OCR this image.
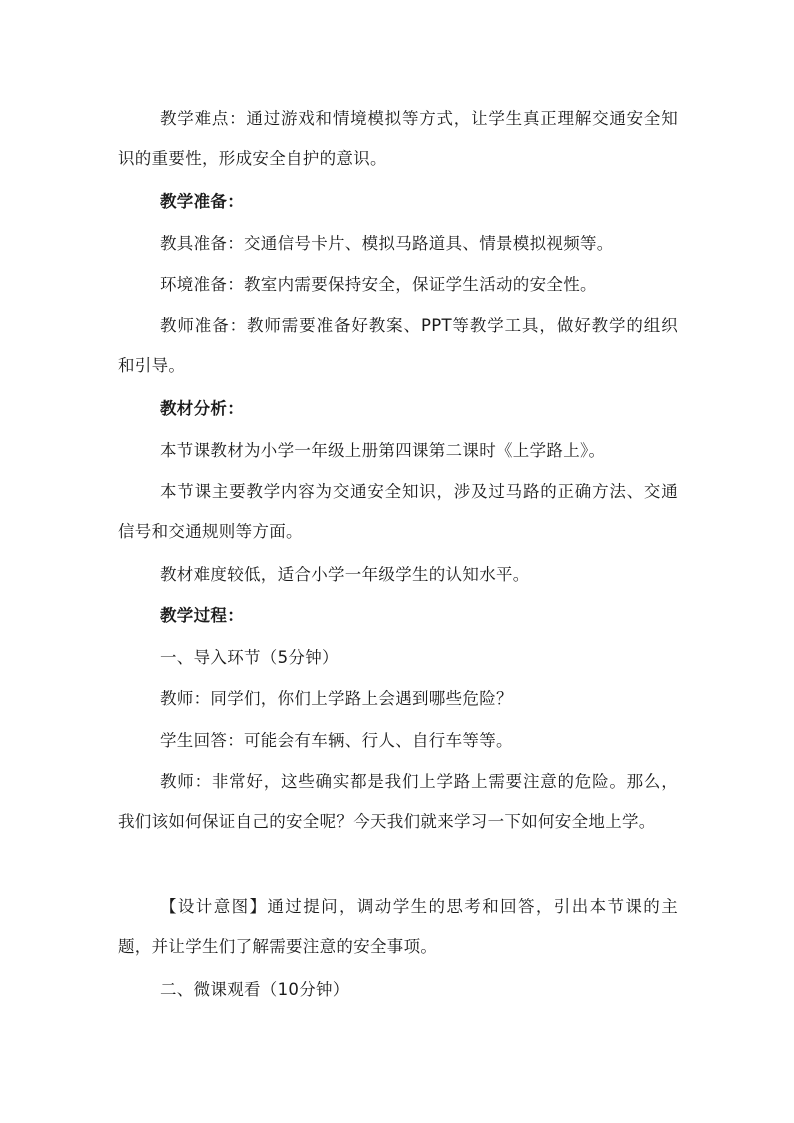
教学难点：通过游戏和情境模拟等方式，让学生真正理解交通安全知识的重要性，形成安全自护的意识。

教学准备：

教具准备：交通信号卡片、模拟马路道具、情景模拟视频等。

环境准备：教室内需要保持安全，保证学生活动的安全性。

教师准备：教师需要准备好教案、PPT等教学工具，做好教学的组织和引导。

教材分析：

本节课教材为小学一年级上册第四课第二课时《上学路上》。

本节课主要教学内容为交通安全知识，涉及过马路的正确方法、交通信号和交通规则等方面。

教材难度较低，适合小学一年级学生的认知水平。

教学过程：

一、导入环节（5分钟）

教师：同学们，你们上学路上会遇到哪些危险？

学生回答：可能会有车辆、行人、自行车等等。

教师：非常好，这些确实都是我们上学路上需要注意的危险。那么，我们该如何保证自己的安全呢？今天我们就来学习一下如何安全地上学。

【设计意图】通过提问，调动学生的思考和回答，引出本节课的主题，并让学生们了解需要注意的安全事项。

二、微课观看（10分钟）
